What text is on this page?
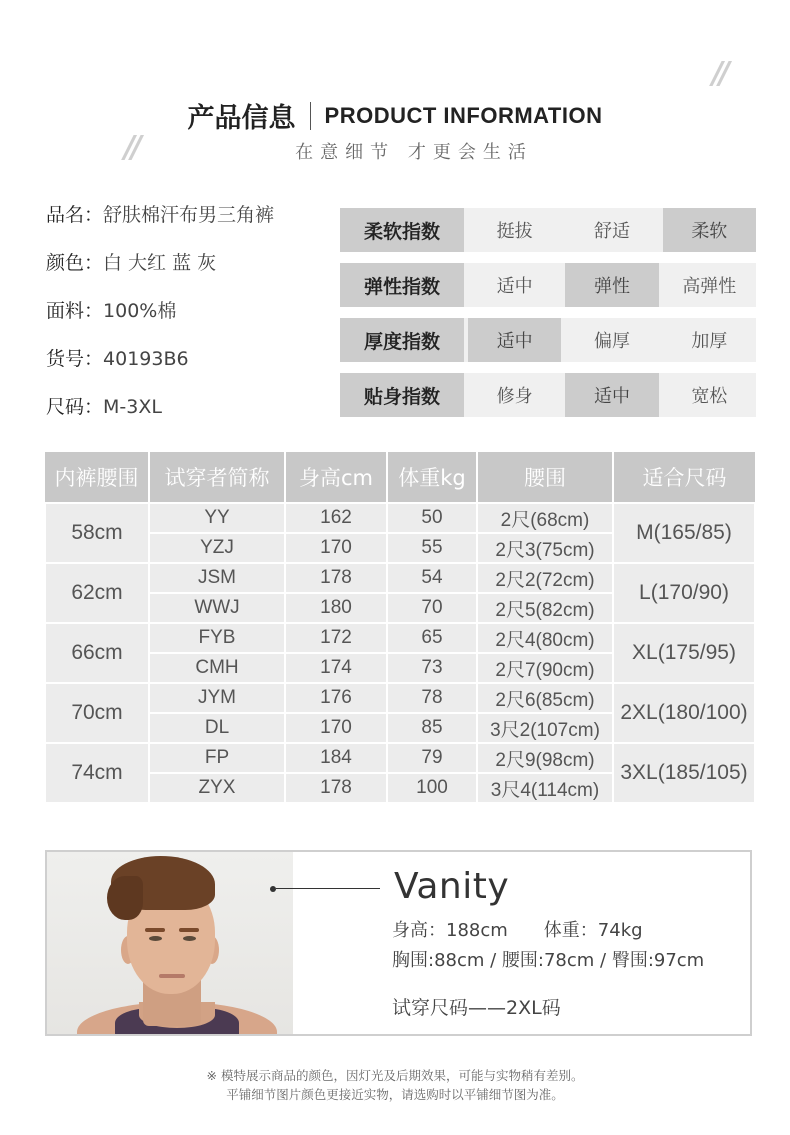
//
//
产品信息 PRODUCT INFORMATION
在意细节 才更会生活
品名：舒肤棉汗布男三角裤
颜色：白 大红 蓝 灰
面料：100%棉
货号：40193B6
尺码：M-3XL
柔软指数	挺拔	舒适	柔软
弹性指数	适中	弹性	高弹性
厚度指数	适中	偏厚	加厚
贴身指数	修身	适中	宽松
内裤腰围	试穿者简称	身高cm	体重kg	腰围	适合尺码
58cm	YY	162	50	2尺(68cm)	M(165/85)
	YZJ	170	55	2尺3(75cm)	
62cm	JSM	178	54	2尺2(72cm)	L(170/90)
	WWJ	180	70	2尺5(82cm)	
66cm	FYB	172	65	2尺4(80cm)	XL(175/95)
	CMH	174	73	2尺7(90cm)	
70cm	JYM	176	78	2尺6(85cm)	2XL(180/100)
	DL	170	85	3尺2(107cm)	
74cm	FP	184	79	2尺9(98cm)	3XL(185/105)
	ZYX	178	100	3尺4(114cm)	
Vanity
身高：188cm 体重：74kg
胸围:88cm / 腰围:78cm / 臀围:97cm
试穿尺码——2XL码
※ 模特展示商品的颜色，因灯光及后期效果，可能与实物稍有差别。
平铺细节图片颜色更接近实物，请选购时以平铺细节图为准。
